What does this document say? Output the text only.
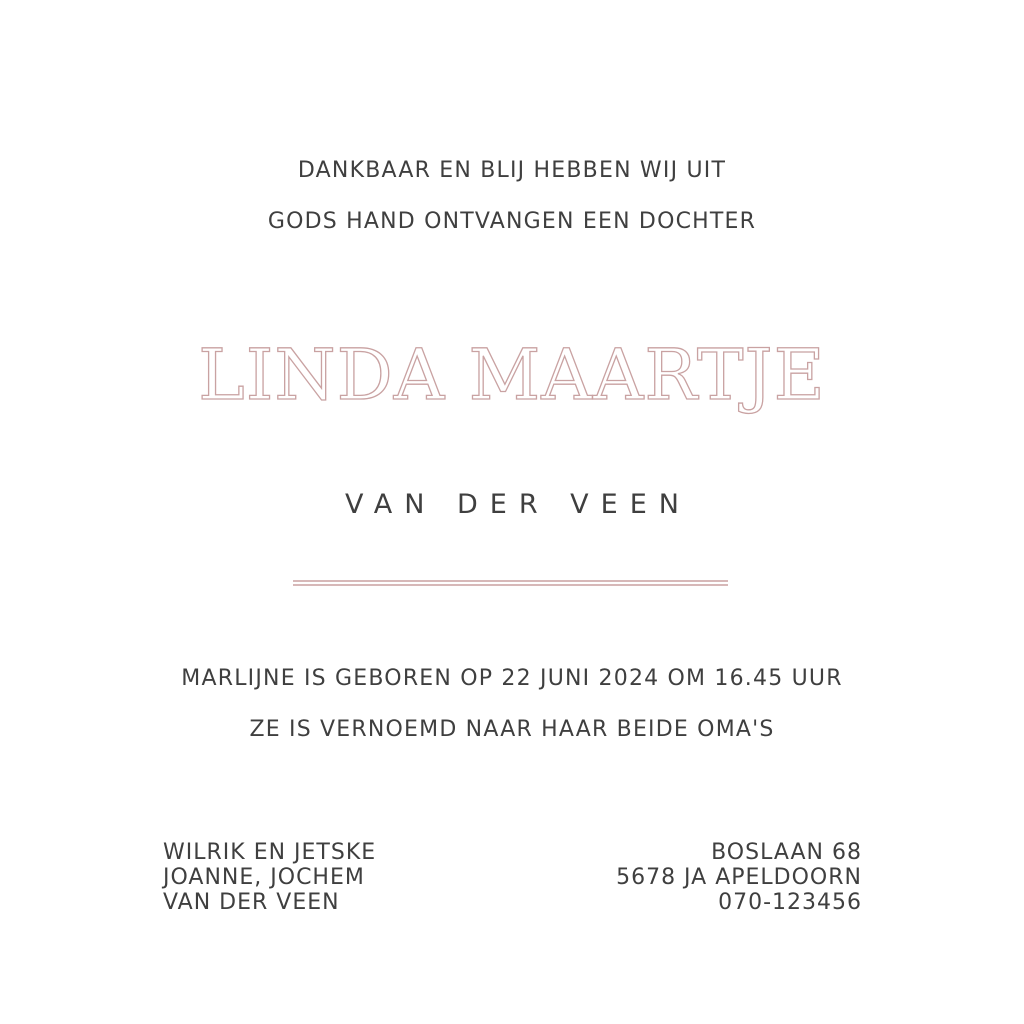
DANKBAAR EN BLIJ HEBBEN WIJ UIT
GODS HAND ONTVANGEN EEN DOCHTER
LINDA MAARTJE
VAN DER VEEN
MARLIJNE IS GEBOREN OP 22 JUNI 2024 OM 16.45 UUR
ZE IS VERNOEMD NAAR HAAR BEIDE OMA'S
WILRIK EN JETSKE
JOANNE, JOCHEM
VAN DER VEEN
BOSLAAN 68
5678 JA APELDOORN
070-123456
